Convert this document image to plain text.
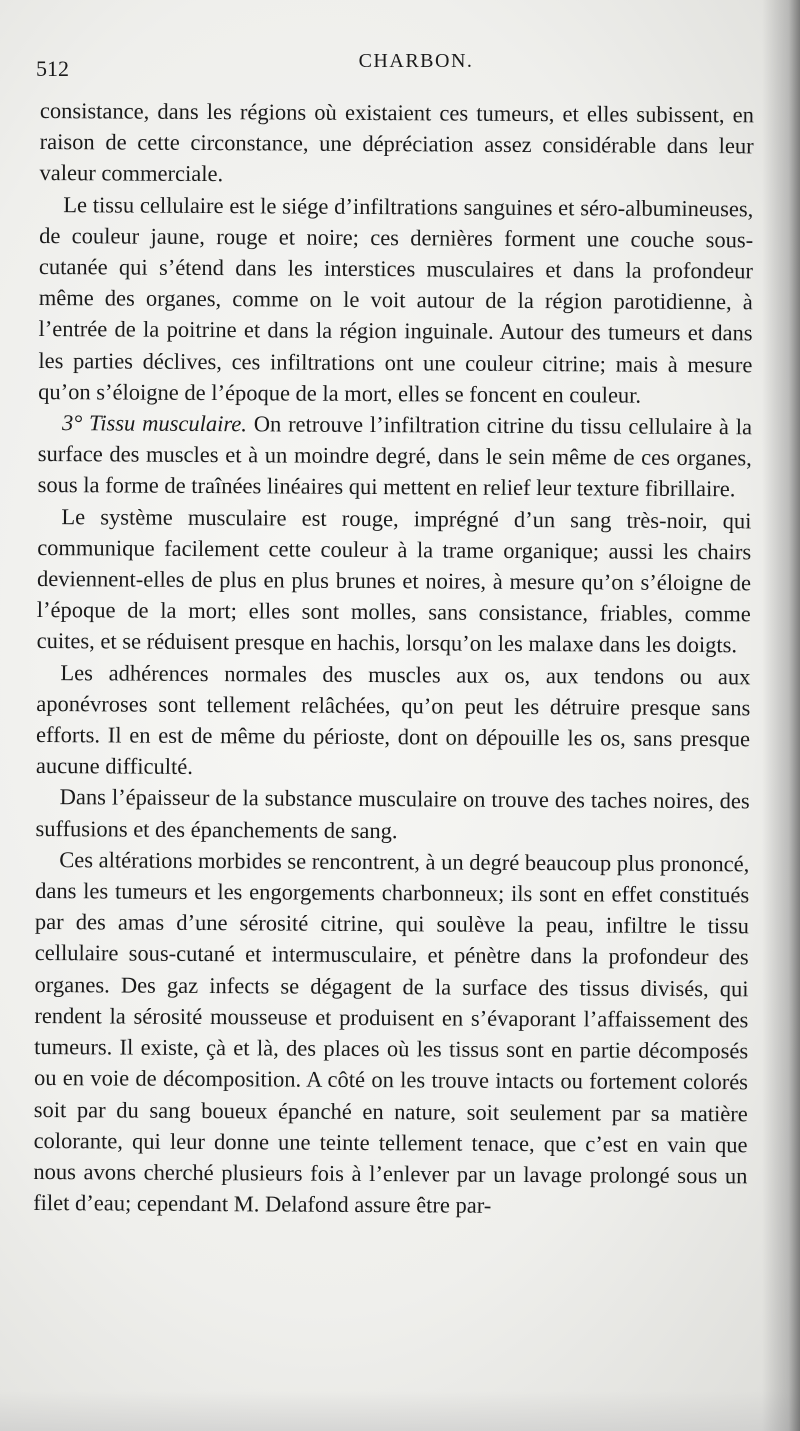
512	CHARBON.

consistance, dans les régions où existaient ces tumeurs, et elles subissent, en raison de cette circonstance, une dépréciation assez considérable dans leur valeur commerciale.

Le tissu cellulaire est le siége d’infiltrations sanguines et séro-albumineuses, de couleur jaune, rouge et noire; ces dernières forment une couche sous-cutanée qui s’étend dans les interstices musculaires et dans la profondeur même des organes, comme on le voit autour de la région parotidienne, à l’entrée de la poitrine et dans la région inguinale. Autour des tumeurs et dans les parties déclives, ces infiltrations ont une couleur citrine; mais à mesure qu’on s’éloigne de l’époque de la mort, elles se foncent en couleur.

3° Tissu musculaire. On retrouve l’infiltration citrine du tissu cellulaire à la surface des muscles et à un moindre degré, dans le sein même de ces organes, sous la forme de traînées linéaires qui mettent en relief leur texture fibrillaire.

Le système musculaire est rouge, imprégné d’un sang très-noir, qui communique facilement cette couleur à la trame organique; aussi les chairs deviennent-elles de plus en plus brunes et noires, à mesure qu’on s’éloigne de l’époque de la mort; elles sont molles, sans consistance, friables, comme cuites, et se réduisent presque en hachis, lorsqu’on les malaxe dans les doigts.

Les adhérences normales des muscles aux os, aux tendons ou aux aponévroses sont tellement relâchées, qu’on peut les détruire presque sans efforts. Il en est de même du périoste, dont on dépouille les os, sans presque aucune difficulté.

Dans l’épaisseur de la substance musculaire on trouve des taches noires, des suffusions et des épanchements de sang.

Ces altérations morbides se rencontrent, à un degré beaucoup plus prononcé, dans les tumeurs et les engorgements charbonneux; ils sont en effet constitués par des amas d’une sérosité citrine, qui soulève la peau, infiltre le tissu cellulaire sous-cutané et intermusculaire, et pénètre dans la profondeur des organes. Des gaz infects se dégagent de la surface des tissus divisés, qui rendent la sérosité mousseuse et produisent en s’évaporant l’affaissement des tumeurs. Il existe, çà et là, des places où les tissus sont en partie décomposés ou en voie de décomposition. A côté on les trouve intacts ou fortement colorés soit par du sang boueux épanché en nature, soit seulement par sa matière colorante, qui leur donne une teinte tellement tenace, que c’est en vain que nous avons cherché plusieurs fois à l’enlever par un lavage prolongé sous un filet d’eau; cependant M. Delafond assure être par-
